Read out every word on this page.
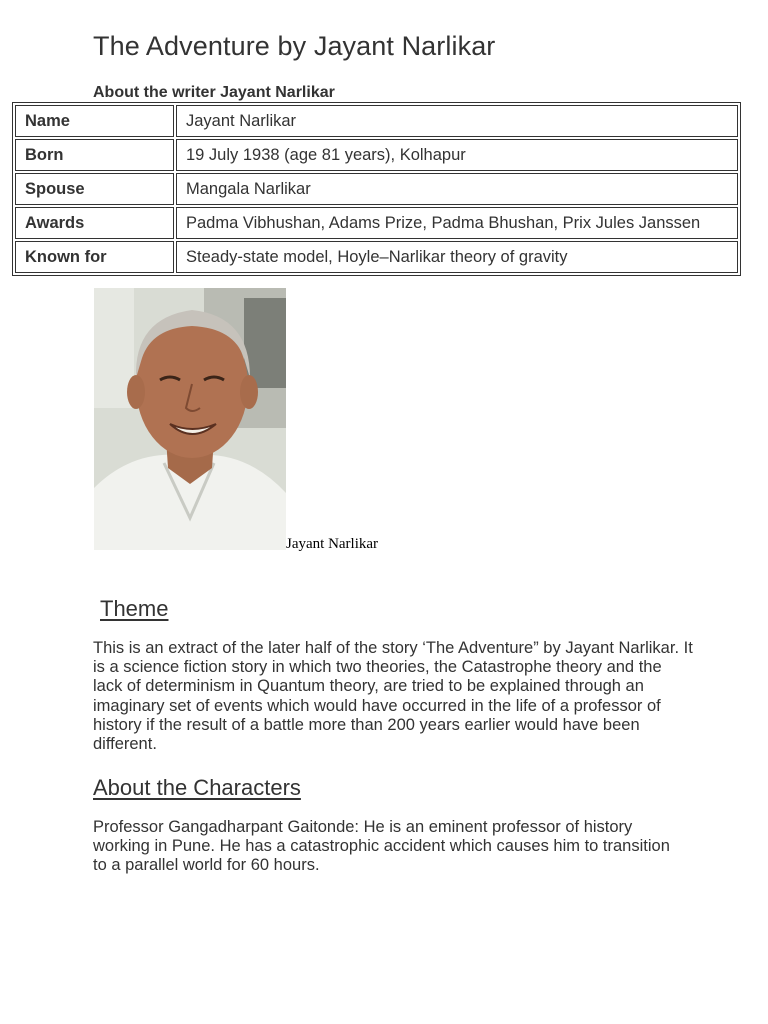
The Adventure by Jayant Narlikar
About the writer Jayant Narlikar
Name	Jayant Narlikar
Born	19 July 1938 (age 81 years), Kolhapur
Spouse	Mangala Narlikar
Awards	Padma Vibhushan, Adams Prize, Padma Bhushan, Prix Jules Janssen
Known for	Steady-state model, Hoyle–Narlikar theory of gravity
Jayant Narlikar
Theme

This is an extract of the later half of the story ‘The Adventure” by Jayant Narlikar. It is a science fiction story in which two theories, the Catastrophe theory and the lack of determinism in Quantum theory, are tried to be explained through an imaginary set of events which would have occurred in the life of a professor of history if the result of a battle more than 200 years earlier would have been different.

About the Characters

Professor Gangadharpant Gaitonde: He is an eminent professor of history working in Pune. He has a catastrophic accident which causes him to transition to a parallel world for 60 hours.
